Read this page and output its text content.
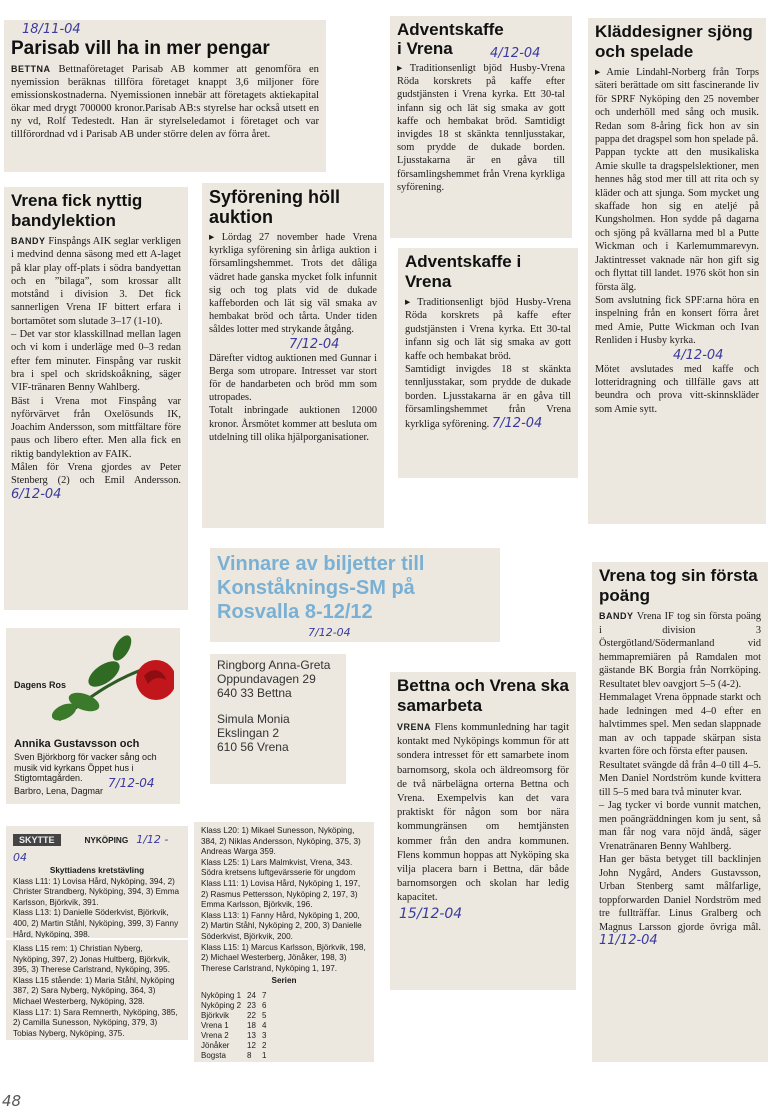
18/11-04
Parisab vill ha in mer pengar

BETTNA Bettnaföretaget Parisab AB kommer att genomföra en nyemission beräknas tillföra företaget knappt 3,6 miljoner före emissionskostnaderna. Nyemissionen innebär att företagets aktiekapital ökar med drygt 700000 kronor.Parisab AB:s styrelse har också utsett en ny vd, Rolf Tedestedt. Han är styrelseledamot i företaget och var tillförordnad vd i Parisab AB under större delen av förra året.

Adventskaffe i Vrena	4/12-04

▸ Traditionsenligt bjöd Husby-Vrena Röda korskrets på kaffe efter gudstjänsten i Vrena kyrka. Ett 30-tal infann sig och lät sig smaka av gott kaffe och hembakat bröd. Samtidigt invigdes 18 st skänkta tennljusstakar, som prydde de dukade borden. Ljusstakarna är en gåva till församlingshemmet från Vrena kyrkliga syförening.

Kläddesigner sjöng och spelade

▸ Amie Lindahl-Norberg från Torps säteri berättade om sitt fascinerande liv för SPRF Nyköping den 25 november och underhöll med sång och musik. Redan som 8-åring fick hon av sin pappa det dragspel som hon spelade på.
Pappan tyckte att den musikaliska Amie skulle ta dragspelslektioner, men hennes håg stod mer till att rita och sy kläder och att sjunga. Som mycket ung skaffade hon sig en ateljé på Kungsholmen. Hon sydde på dagarna och sjöng på kvällarna med bl a Putte Wickman och i Karlemummarevyn. Jaktintresset vaknade när hon gift sig och flyttat till landet. 1976 sköt hon sin första älg.
Som avslutning fick SPF:arna höra en inspelning från en konsert förra året med Amie, Putte Wickman och Ivan Renliden i Husby kyrka.

4/12-04

Mötet avslutades med kaffe och lotteridragning och tillfälle gavs att beundra och prova vitt-skinnskläder som Amie sytt.

Vrena fick nyttig bandylektion

BANDY Finspångs AIK seglar verkligen i medvind denna säsong med ett A-laget på klar play off-plats i södra bandyettan och en ”bilaga”, som krossar allt motstånd i division 3. Det fick sannerligen Vrena IF bittert erfara i bortamötet som slutade 3–17 (1-10).
– Det var stor klasskillnad mellan lagen och vi kom i underläge med 0–3 redan efter fem minuter. Finspång var ruskit bra i spel och skridskoåkning, säger VIF-tränaren Benny Wahlberg.
Bäst i Vrena mot Finspång var nyförvärvet från Oxelösunds IK, Joachim Andersson, som mittfältare före paus och libero efter. Men alla fick en riktig bandylektion av FAIK.
Målen för Vrena gjordes av Peter Stenberg (2) och Emil Andersson. 6/12-04

Syförening höll auktion

▸ Lördag 27 november hade Vrena kyrkliga syförening sin årliga auktion i församlingshemmet. Trots det dåliga vädret hade ganska mycket folk infunnit sig och tog plats vid de dukade kaffeborden och lät sig väl smaka av hembakat bröd och tårta. Under tiden såldes lotter med strykande åtgång.

7/12-04

Därefter vidtog auktionen med Gunnar i Berga som utropare. Intresset var stort för de handarbeten och bröd mm som utropades.
Totalt inbringade auktionen 12000 kronor. Årsmötet kommer att besluta om utdelning till olika hjälporganisationer.

Adventskaffe i Vrena

▸ Traditionsenligt bjöd Husby-Vrena Röda korskrets på kaffe efter gudstjänsten i Vrena kyrka. Ett 30-tal infann sig och lät sig smaka av gott kaffe och hembakat bröd.
Samtidigt invigdes 18 st skänkta tennljusstakar, som prydde de dukade borden. Ljusstakarna är en gåva till församlingshemmet från Vrena kyrkliga syförening. 7/12-04

Vinnare av biljetter till Konståknings-SM på Rosvalla 8-12/12
7/12-04

Ringborg Anna-Greta
Oppundavagen 29
640 33 Bettna

Simula Monia
Ekslingan 2
610 56 Vrena

Dagens Ros
Annika Gustavsson och

Sven Björkborg för vacker sång och musik vid kyrkans Öppet hus i Stigtomtagården.

Barbro, Lena, Dagmar
7/12-04
Bettna och Vrena ska samarbeta

VRENA Flens kommunledning har tagit kontakt med Nyköpings kommun för att sondera intresset för ett samarbete inom barnomsorg, skola och äldreomsorg för de två närbelägna orterna Bettna och Vrena. Exempelvis kan det vara praktiskt för någon som bor nära kommungränsen om hemtjänsten kommer från den andra kommunen. Flens kommun hoppas att Nyköping ska vilja placera barn i Bettna, där både barnomsorgen och skolan har ledig kapacitet.

15/12-04
Vrena tog sin första poäng

BANDY Vrena IF tog sin första poäng i division 3 Östergötland/Södermanland vid hemmapremiären på Ramdalen mot gästande BK Borgia från Norrköping. Resultatet blev oavgjort 5–5 (4-2).
Hemmalaget Vrena öppnade starkt och hade ledningen med 4–0 efter en halvtimmes spel. Men sedan slappnade man av och tappade skärpan sista kvarten före och första efter pausen.
Resultatet svängde då från 4–0 till 4–5. Men Daniel Nordström kunde kvittera till 5–5 med bara två minuter kvar.
– Jag tycker vi borde vunnit matchen, men poängräddningen kom ju sent, så man får nog vara nöjd ändå, säger Vrenatränaren Benny Wahlberg.
Han ger bästa betyget till backlinjen John Nygård, Anders Gustavsson, Urban Stenberg samt målfarlige, toppforwarden Daniel Nordström med tre fullträffar. Linus Gralberg och Magnus Larsson gjorde övriga mål. 11/12-04

SKYTTE	NYKÖPING 1/12 - 04

Skyttiadens kretstävling

Klass L11: 1) Lovisa Hård, Nyköping, 394, 2) Christer Strandberg, Nyköping, 394, 3) Emma Karlsson, Björkvik, 391.
Klass L13: 1) Danielle Söderkvist, Björkvik, 400, 2) Martin Ståhl, Nyköping, 399, 3) Fanny Hård, Nyköping, 398.

Klass L15 rem: 1) Christian Nyberg, Nyköping, 397, 2) Jonas Hultberg, Björkvik, 395, 3) Therese Carlstrand, Nyköping, 395.
Klass L15 stående: 1) Maria Ståhl, Nyköping 387, 2) Sara Nyberg, Nyköping, 364, 3) Michael Westerberg, Nyköping, 328.
Klass L17: 1) Sara Remnerth, Nyköping, 385, 2) Camilla Sunesson, Nyköping, 379, 3) Tobias Nyberg, Nyköping, 375.

Klass L20: 1) Mikael Sunesson, Nyköping, 384, 2) Niklas Andersson, Nyköping, 375, 3) Andreas Warga 359.
Klass L25: 1) Lars Malmkvist, Vrena, 343.
Södra kretsens luftgevärsserie för ungdom
Klass L11: 1) Lovisa Hård, Nyköping 1, 197, 2) Rasmus Pettersson, Nyköping 2, 197, 3) Emma Karlsson, Björkvik, 196.
Klass L13: 1) Fanny Hård, Nyköping 1, 200, 2) Martin Ståhl, Nyköping 2, 200, 3) Danielle Söderkvist, Björkvik, 200.
Klass L15: 1) Marcus Karlsson, Björkvik, 198, 2) Michael Westerberg, Jönåker, 198, 3) Therese Carlstrand, Nyköping 1, 197.

Serien

Nyköping 1	24	7
Nyköping 2	23	6
Björkvik	22	5
Vrena 1	18	4
Vrena 2	13	3
Jönåker	12	2
Bogsta	8	1
48
